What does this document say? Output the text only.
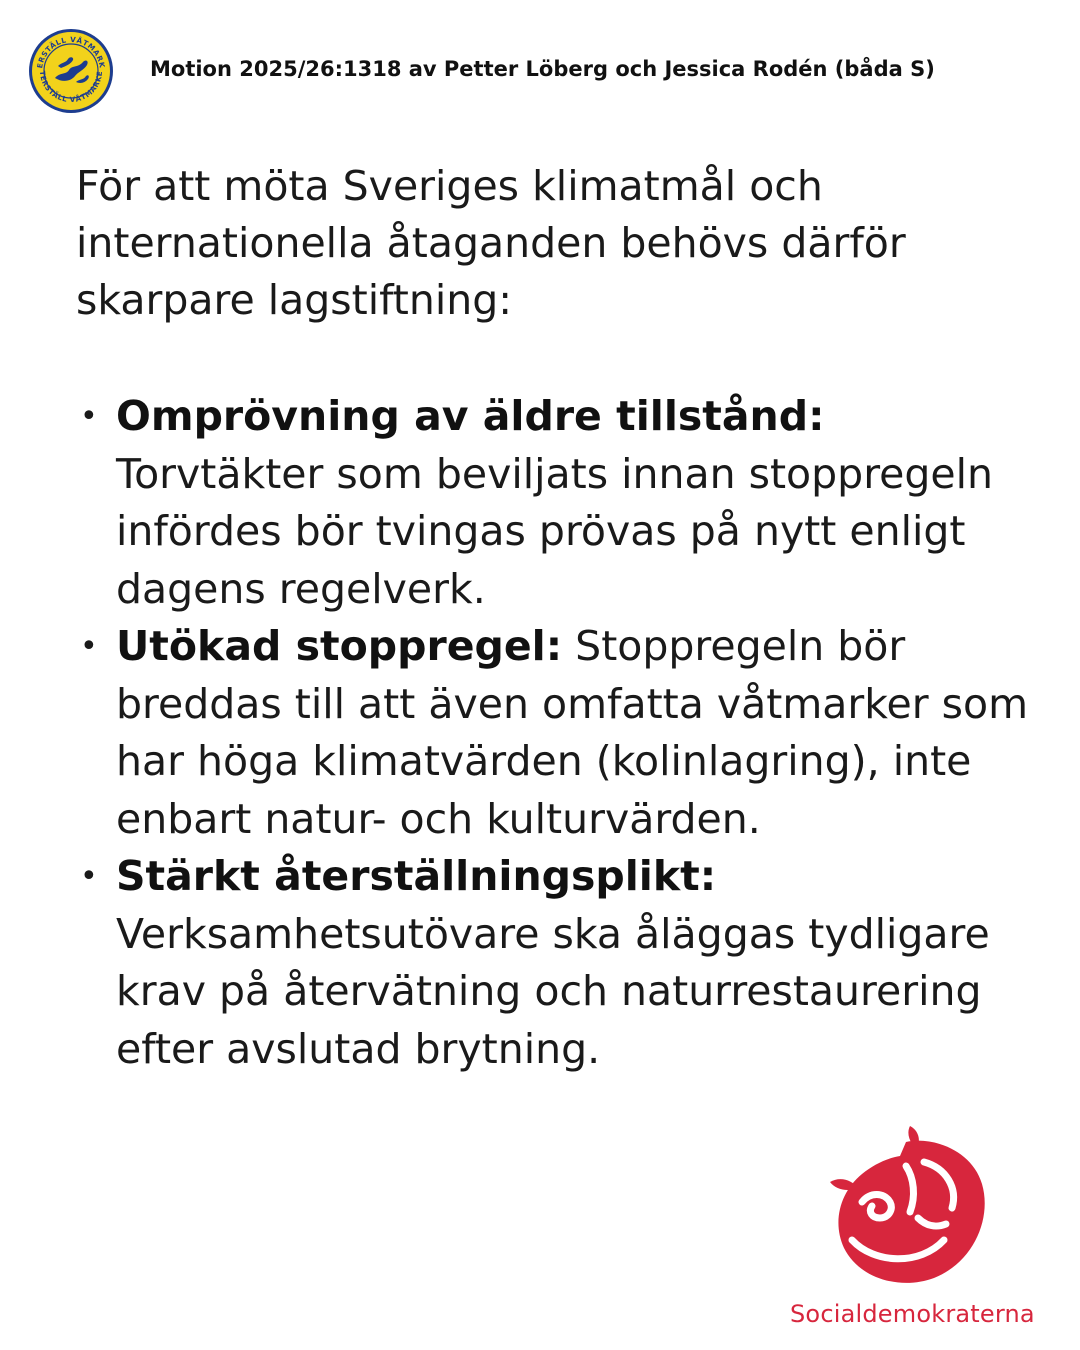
ERSTÄLL VÅTMARK
TERSTÄLL VÅTMARKE Motion 2025/26:1318 av Petter Löberg och Jessica Rodén (båda S)

För att möta Sveriges klimatmål och internationella åtaganden behövs därför skarpare lagstiftning:

• Omprövning av äldre tillstånd: Torvtäkter som beviljats innan stoppregeln infördes bör tvingas prövas på nytt enligt dagens regelverk.
• Utökad stoppregel: Stoppregeln bör breddas till att även omfatta våtmarker som har höga klimatvärden (kolinlagring), inte enbart natur- och kulturvärden.
• Stärkt återställningsplikt: Verksamhetsutövare ska åläggas tydligare krav på återvätning och naturrestaurering efter avslutad brytning.
Socialdemokraterna
